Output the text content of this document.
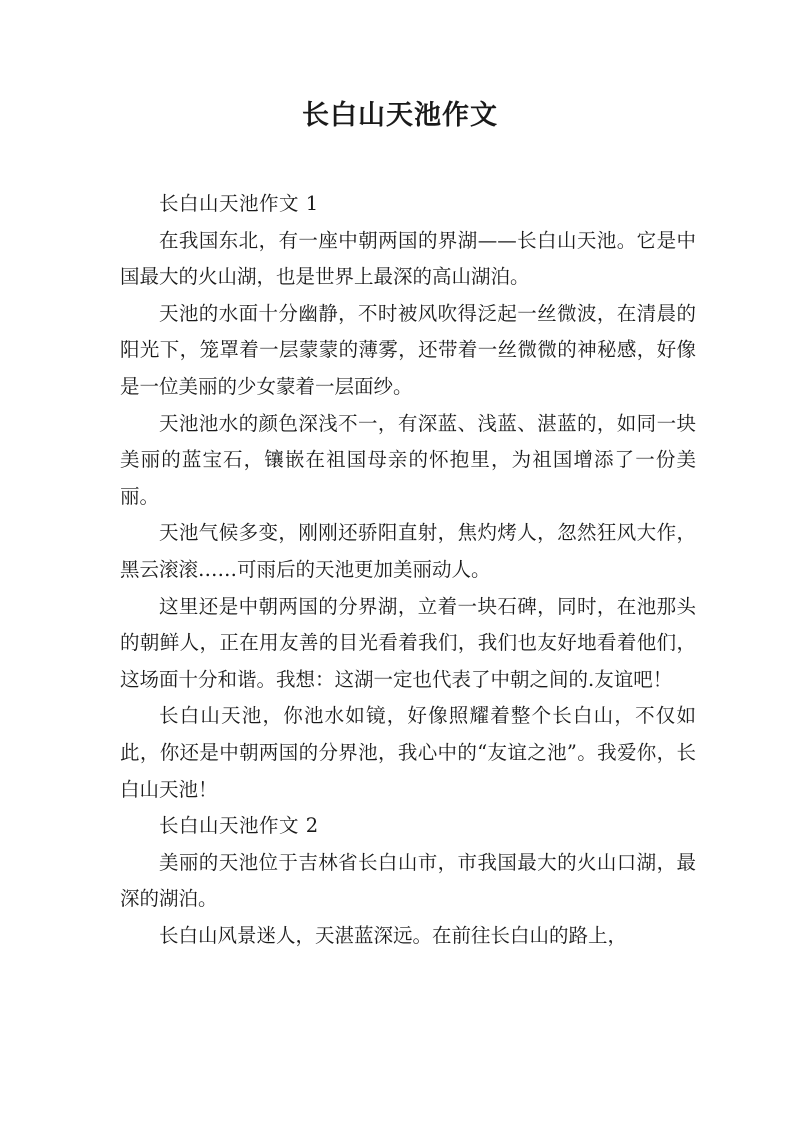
长白山天池作文

长白山天池作文 1

在我国东北，有一座中朝两国的界湖——长白山天池。它是中国最大的火山湖，也是世界上最深的高山湖泊。

天池的水面十分幽静，不时被风吹得泛起一丝微波，在清晨的阳光下，笼罩着一层蒙蒙的薄雾，还带着一丝微微的神秘感，好像是一位美丽的少女蒙着一层面纱。

天池池水的颜色深浅不一，有深蓝、浅蓝、湛蓝的，如同一块美丽的蓝宝石，镶嵌在祖国母亲的怀抱里，为祖国增添了一份美丽。

天池气候多变，刚刚还骄阳直射，焦灼烤人，忽然狂风大作，黑云滚滚……可雨后的天池更加美丽动人。

这里还是中朝两国的分界湖，立着一块石碑，同时，在池那头的朝鲜人，正在用友善的目光看着我们，我们也友好地看着他们，这场面十分和谐。我想：这湖一定也代表了中朝之间的.友谊吧！

长白山天池，你池水如镜，好像照耀着整个长白山，不仅如此，你还是中朝两国的分界池，我心中的“友谊之池”。我爱你，长白山天池！

长白山天池作文 2

美丽的天池位于吉林省长白山市，市我国最大的火山口湖，最深的湖泊。

长白山风景迷人，天湛蓝深远。在前往长白山的路上，
